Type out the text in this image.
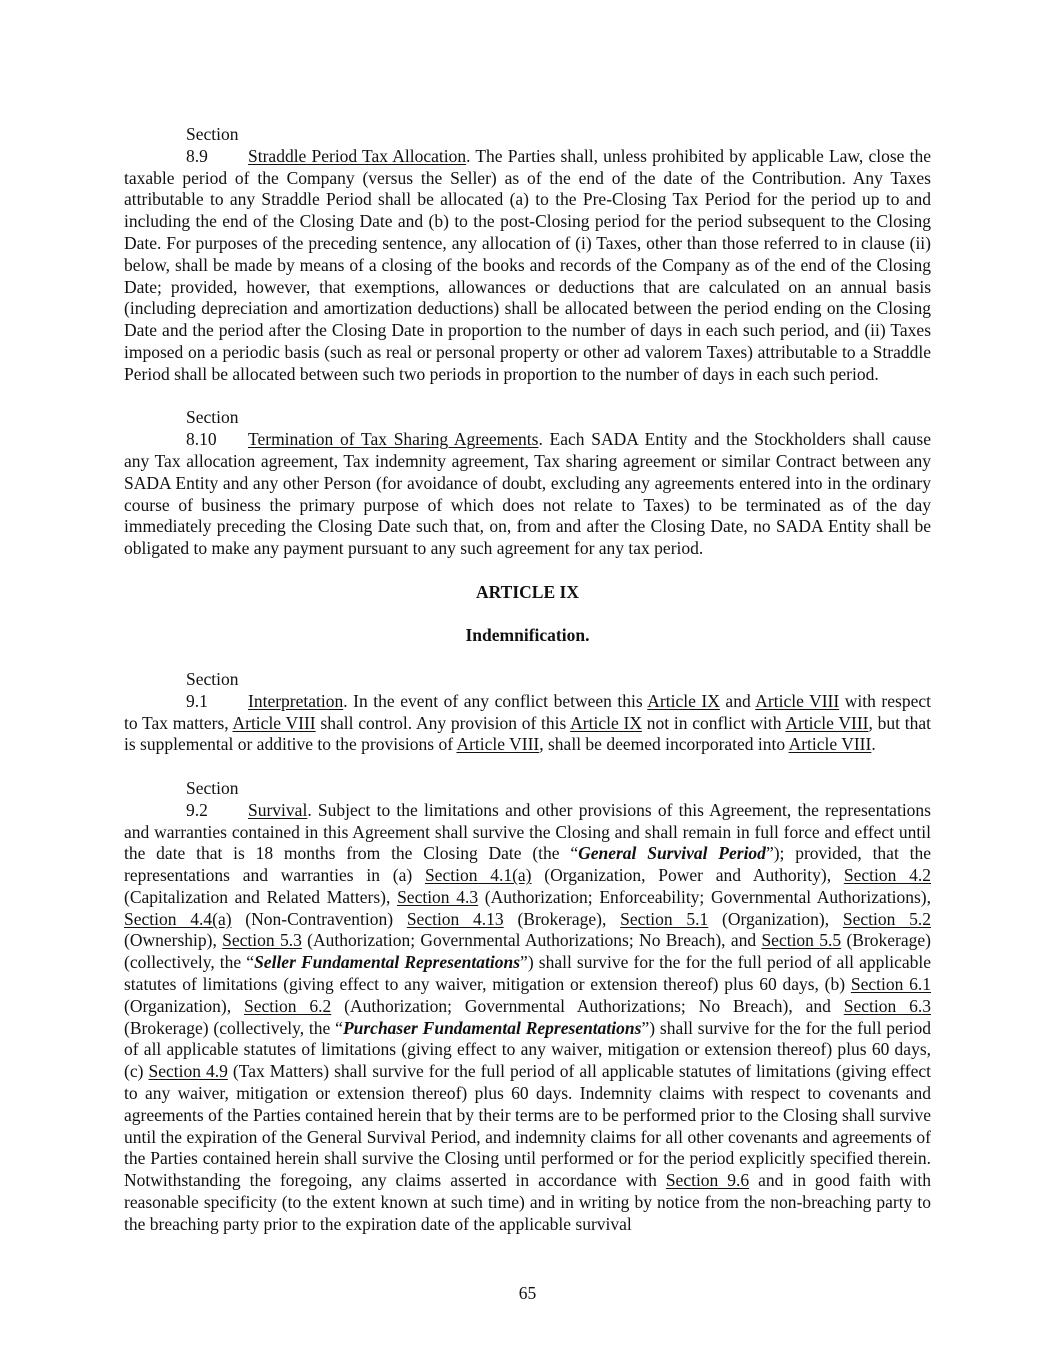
Section 8.9 Straddle Period Tax Allocation. The Parties shall, unless prohibited by applicable Law, close the taxable period of the Company (versus the Seller) as of the end of the date of the Contribution. Any Taxes attributable to any Straddle Period shall be allocated (a) to the Pre-Closing Tax Period for the period up to and including the end of the Closing Date and (b) to the post-Closing period for the period subsequent to the Closing Date. For purposes of the preceding sentence, any allocation of (i) Taxes, other than those referred to in clause (ii) below, shall be made by means of a closing of the books and records of the Company as of the end of the Closing Date; provided, however, that exemptions, allowances or deductions that are calculated on an annual basis (including depreciation and amortization deductions) shall be allocated between the period ending on the Closing Date and the period after the Closing Date in proportion to the number of days in each such period, and (ii) Taxes imposed on a periodic basis (such as real or personal property or other ad valorem Taxes) attributable to a Straddle Period shall be allocated between such two periods in proportion to the number of days in each such period.

Section 8.10 Termination of Tax Sharing Agreements. Each SADA Entity and the Stockholders shall cause any Tax allocation agreement, Tax indemnity agreement, Tax sharing agreement or similar Contract between any SADA Entity and any other Person (for avoidance of doubt, excluding any agreements entered into in the ordinary course of business the primary purpose of which does not relate to Taxes) to be terminated as of the day immediately preceding the Closing Date such that, on, from and after the Closing Date, no SADA Entity shall be obligated to make any payment pursuant to any such agreement for any tax period.

ARTICLE IX

Indemnification.

Section 9.1 Interpretation. In the event of any conflict between this Article IX and Article VIII with respect to Tax matters, Article VIII shall control. Any provision of this Article IX not in conflict with Article VIII, but that is supplemental or additive to the provisions of Article VIII, shall be deemed incorporated into Article VIII.

Section 9.2 Survival. Subject to the limitations and other provisions of this Agreement, the representations and warranties contained in this Agreement shall survive the Closing and shall remain in full force and effect until the date that is 18 months from the Closing Date (the “General Survival Period”); provided, that the representations and warranties in (a) Section 4.1(a) (Organization, Power and Authority), Section 4.2 (Capitalization and Related Matters), Section 4.3 (Authorization; Enforceability; Governmental Authorizations), Section 4.4(a) (Non-Contravention) Section 4.13 (Brokerage), Section 5.1 (Organization), Section 5.2 (Ownership), Section 5.3 (Authorization; Governmental Authorizations; No Breach), and Section 5.5 (Brokerage) (collectively, the “Seller Fundamental Representations”) shall survive for the for the full period of all applicable statutes of limitations (giving effect to any waiver, mitigation or extension thereof) plus 60 days, (b) Section 6.1 (Organization), Section 6.2 (Authorization; Governmental Authorizations; No Breach), and Section 6.3 (Brokerage) (collectively, the “Purchaser Fundamental Representations”) shall survive for the for the full period of all applicable statutes of limitations (giving effect to any waiver, mitigation or extension thereof) plus 60 days, (c) Section 4.9 (Tax Matters) shall survive for the full period of all applicable statutes of limitations (giving effect to any waiver, mitigation or extension thereof) plus 60 days. Indemnity claims with respect to covenants and agreements of the Parties contained herein that by their terms are to be performed prior to the Closing shall survive until the expiration of the General Survival Period, and indemnity claims for all other covenants and agreements of the Parties contained herein shall survive the Closing until performed or for the period explicitly specified therein. Notwithstanding the foregoing, any claims asserted in accordance with Section 9.6 and in good faith with reasonable specificity (to the extent known at such time) and in writing by notice from the non-breaching party to the breaching party prior to the expiration date of the applicable survival

65
